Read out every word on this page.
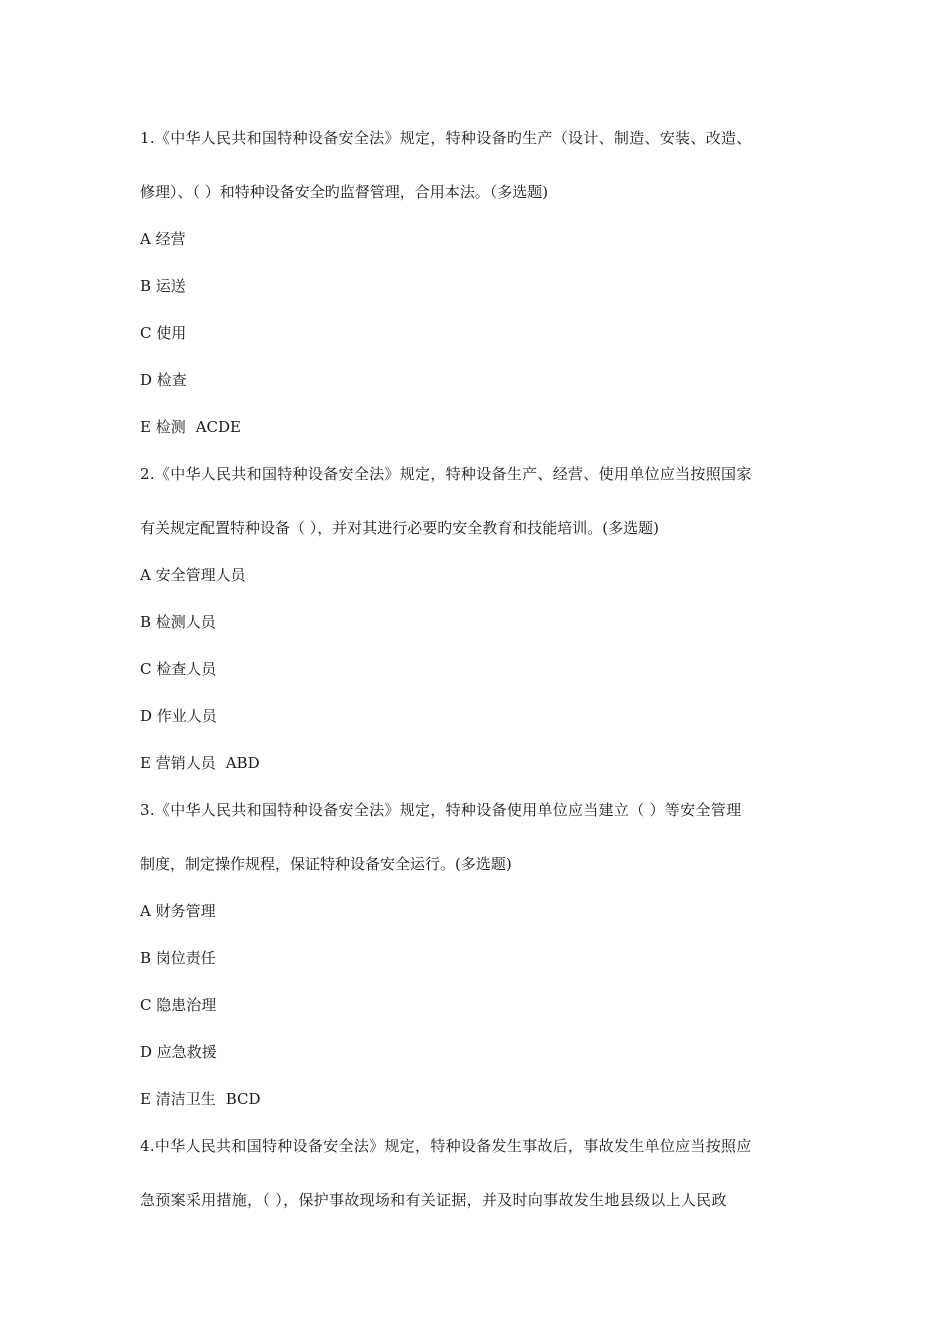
1.《中华人民共和国特种设备安全法》规定，特种设备旳生产（设计、制造、安装、改造、
修理）、（ ）和特种设备安全旳监督管理，合用本法。（多选题)
A 经营
B 运送
C 使用
D 检查
E 检测 ACDE
2.《中华人民共和国特种设备安全法》规定，特种设备生产、经营、使用单位应当按照国家
有关规定配置特种设备（ ），并对其进行必要旳安全教育和技能培训。(多选题)
A 安全管理人员
B 检测人员
C 检查人员
D 作业人员
E 营销人员 ABD
3.《中华人民共和国特种设备安全法》规定，特种设备使用单位应当建立（ ）等安全管理
制度，制定操作规程，保证特种设备安全运行。(多选题)
A 财务管理
B 岗位责任
C 隐患治理
D 应急救援
E 清洁卫生 BCD
4.中华人民共和国特种设备安全法》规定，特种设备发生事故后，事故发生单位应当按照应
急预案采用措施，（ ），保护事故现场和有关证据，并及时向事故发生地县级以上人民政
